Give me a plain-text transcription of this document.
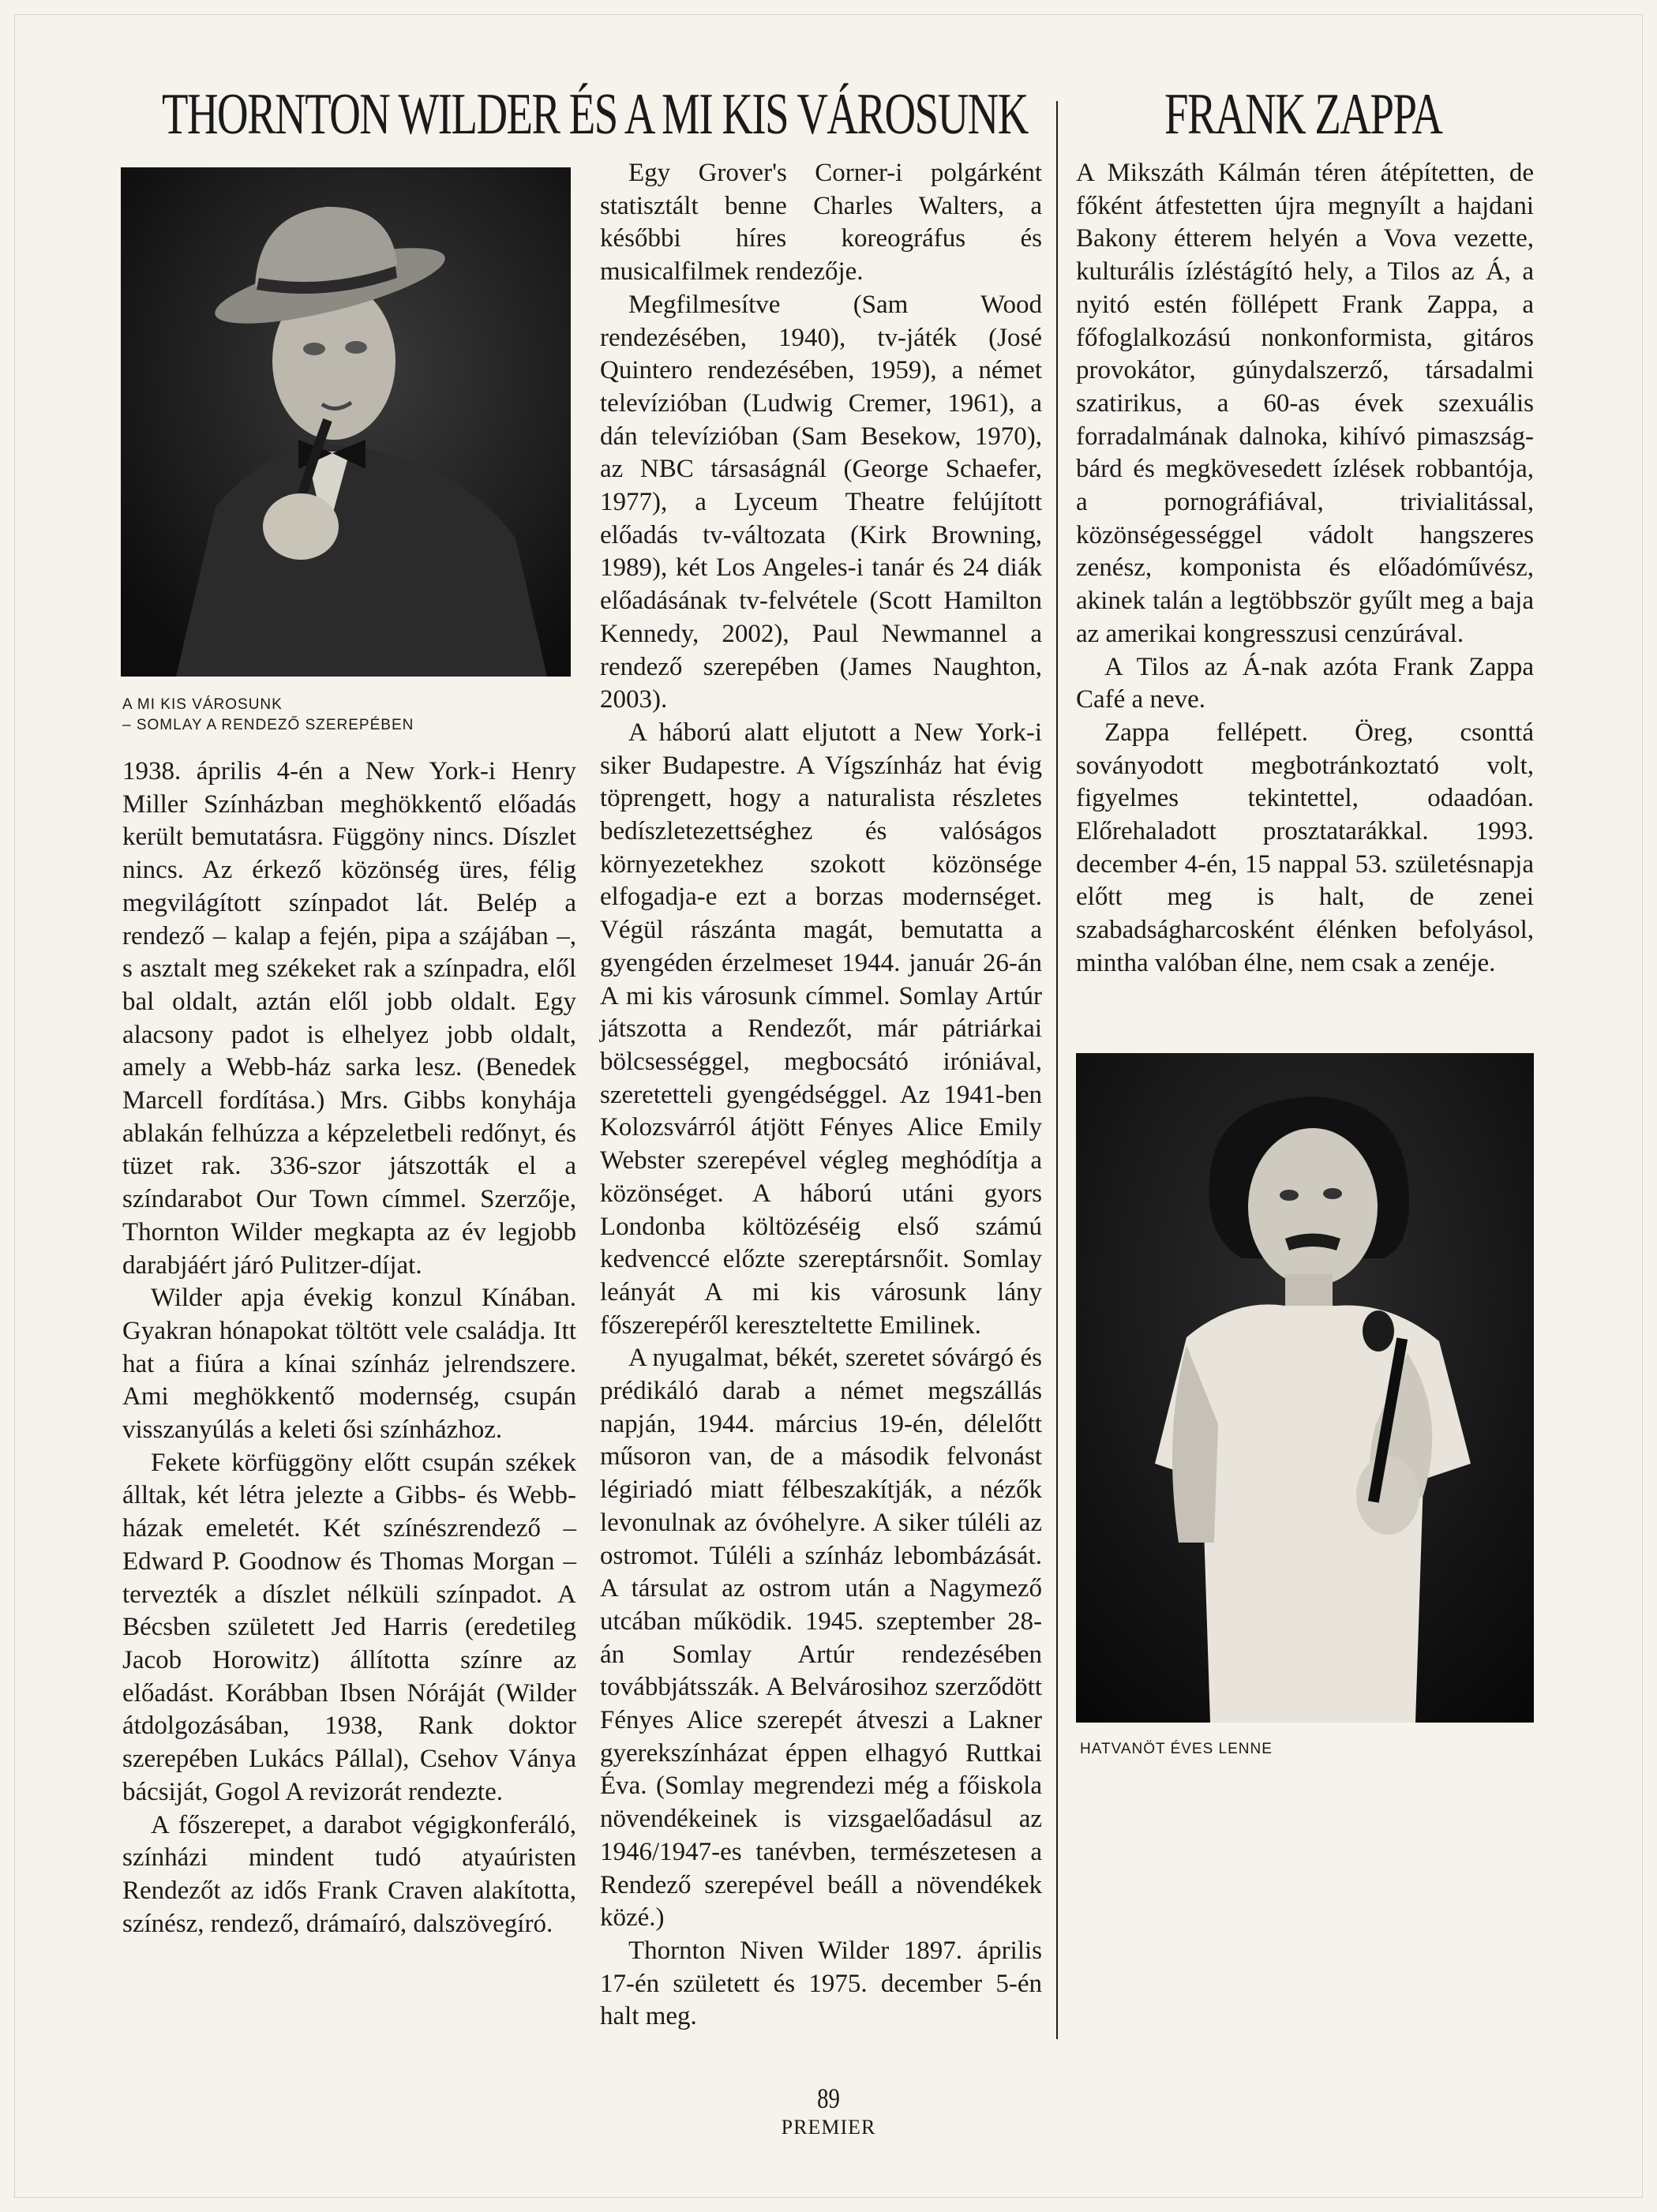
THORNTON WILDER ÉS A MI KIS VÁROSUNK FRANK ZAPPA
A MI KIS VÁROSUNK
– SOMLAY A RENDEZŐ SZEREPÉBEN

1938. április 4-én a New York-i Henry Miller Színházban meghökkentő előadás került bemutatásra. Függöny nincs. Díszlet nincs. Az érkező közönség üres, félig megvilágított színpadot lát. Belép a rendező – kalap a fején, pipa a szájában –, s asztalt meg székeket rak a színpadra, elől bal oldalt, aztán elől jobb oldalt. Egy alacsony padot is elhelyez jobb oldalt, amely a Webb-ház sarka lesz. (Benedek Marcell fordítása.) Mrs. Gibbs konyhája ablakán felhúzza a képzeletbeli redőnyt, és tüzet rak. 336-szor játszották el a színdarabot Our Town címmel. Szerzője, Thornton Wilder megkapta az év legjobb darabjáért járó Pulitzer-díjat.

Wilder apja évekig konzul Kínában. Gyakran hónapokat töltött vele családja. Itt hat a fiúra a kínai színház jelrendszere. Ami meghökkentő modernség, csupán visszanyúlás a keleti ősi színházhoz.

Fekete körfüggöny előtt csupán székek álltak, két létra jelezte a Gibbs- és Webb-házak emeletét. Két színészrendező – Edward P. Goodnow és Thomas Morgan – tervezték a díszlet nélküli színpadot. A Bécsben született Jed Harris (eredetileg Jacob Horowitz) állította színre az előadást. Korábban Ibsen Nóráját (Wilder átdolgozásában, 1938, Rank doktor szerepében Lukács Pállal), Csehov Ványa bácsiját, Gogol A revizorát rendezte.

A főszerepet, a darabot végigkonferáló, színházi mindent tudó atyaúristen Rendezőt az idős Frank Craven alakította, színész, rendező, drámaíró, dalszövegíró.

Egy Grover's Corner-i polgárként statisztált benne Charles Walters, a későbbi híres koreográfus és musicalfilmek rendezője.

Megfilmesítve (Sam Wood rendezésében, 1940), tv-játék (José Quintero rendezésében, 1959), a német televízióban (Ludwig Cremer, 1961), a dán televízióban (Sam Besekow, 1970), az NBC társaságnál (George Schaefer, 1977), a Lyceum Theatre felújított előadás tv-változata (Kirk Browning, 1989), két Los Angeles-i tanár és 24 diák előadásának tv-felvétele (Scott Hamilton Kennedy, 2002), Paul Newmannel a rendező szerepében (James Naughton, 2003).

A háború alatt eljutott a New York-i siker Budapestre. A Vígszínház hat évig töprengett, hogy a naturalista részletes bedíszletezettséghez és valóságos környezetekhez szokott közönsége elfogadja-e ezt a borzas modernséget. Végül rászánta magát, bemutatta a gyengéden érzelmeset 1944. január 26-án A mi kis városunk címmel. Somlay Artúr játszotta a Rendezőt, már pátriárkai bölcsességgel, megbocsátó iróniával, szeretetteli gyengédséggel. Az 1941-ben Kolozsvárról átjött Fényes Alice Emily Webster szerepével végleg meghódítja a közönséget. A háború utáni gyors Londonba költözéséig első számú kedvenccé előzte szereptársnőit. Somlay leányát A mi kis városunk lány főszerepéről kereszteltette Emilinek.

A nyugalmat, békét, szeretet sóvárgó és prédikáló darab a német megszállás napján, 1944. március 19-én, délelőtt műsoron van, de a második felvonást légiriadó miatt félbeszakítják, a nézők levonulnak az óvóhelyre. A siker túléli az ostromot. Túléli a színház lebombázását. A társulat az ostrom után a Nagymező utcában működik. 1945. szeptember 28-án Somlay Artúr rendezésében továbbjátsszák. A Belvárosihoz szerződött Fényes Alice szerepét átveszi a Lakner gyerekszínházat éppen elhagyó Ruttkai Éva. (Somlay megrendezi még a főiskola növendékeinek is vizsgaelőadásul az 1946/1947-es tanévben, természetesen a Rendező szerepével beáll a növendékek közé.)

Thornton Niven Wilder 1897. április 17-én született és 1975. december 5-én halt meg.

A Mikszáth Kálmán téren átépítetten, de főként átfestetten újra megnyílt a hajdani Bakony étterem helyén a Vova vezette, kulturális ízléstágító hely, a Tilos az Á, a nyitó estén föllépett Frank Zappa, a főfoglalkozású nonkonformista, gitáros provokátor, gúnydalszerző, társadalmi szatirikus, a 60-as évek szexuális forradalmának dalnoka, kihívó pimaszság-bárd és megkövesedett ízlések robbantója, a pornográfiával, trivialitással, közönségességgel vádolt hangszeres zenész, komponista és előadóművész, akinek talán a legtöbbször gyűlt meg a baja az amerikai kongresszusi cenzúrával.

A Tilos az Á-nak azóta Frank Zappa Café a neve.

Zappa fellépett. Öreg, csonttá soványodott megbotránkoztató volt, figyelmes tekintettel, odaadóan. Előrehaladott prosztatarákkal. 1993. december 4-én, 15 nappal 53. születésnapja előtt meg is halt, de zenei szabadságharcosként élénken befolyásol, mintha valóban élne, nem csak a zenéje.

HATVANÖT ÉVES LENNE
89
PREMIER
